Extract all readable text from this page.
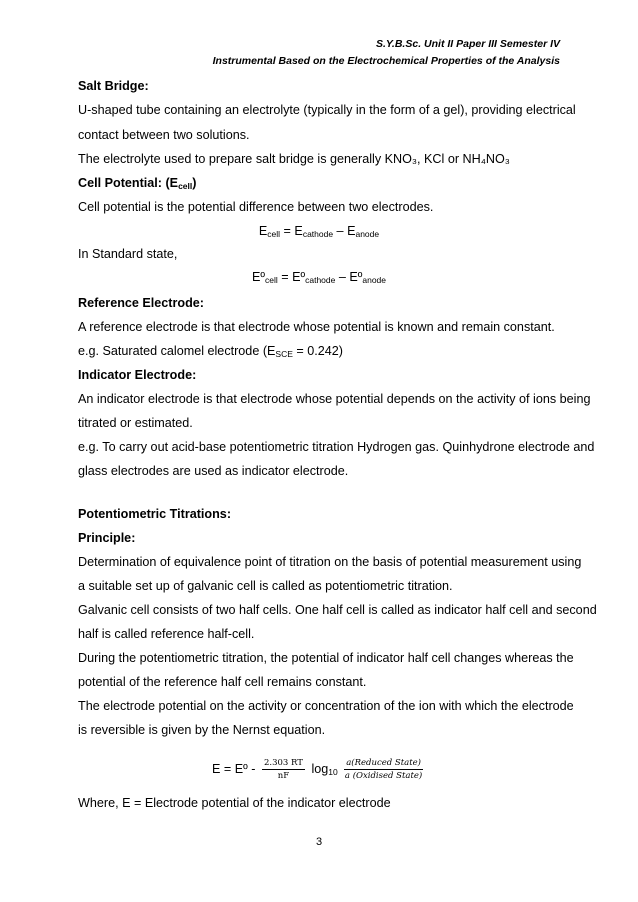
S.Y.B.Sc. Unit II Paper III Semester IV
Instrumental Based on the Electrochemical Properties of the Analysis
Salt Bridge:
U-shaped tube containing an electrolyte (typically in the form of a gel), providing electrical
contact between two solutions.
The electrolyte used to prepare salt bridge is generally KNO₃, KCl or NH₄NO₃
Cell Potential: $(E_{cell})$
Cell potential is the potential difference between two electrodes.
$E_{cell} = E_{cathode} - E_{anode}$
In Standard state,
Eº$_{cell}$ = Eº$_{cathode}$ – Eº$_{anode}$
Reference Electrode:
A reference electrode is that electrode whose potential is known and remain constant.
e.g. Saturated calomel electrode $(E_{SCE} = 0.242)$
Indicator Electrode:
An indicator electrode is that electrode whose potential depends on the activity of ions being
titrated or estimated.
e.g. To carry out acid-base potentiometric titration Hydrogen gas. Quinhydrone electrode and
glass electrodes are used as indicator electrode.
Potentiometric Titrations:
Principle:
Determination of equivalence point of titration on the basis of potential measurement using
a suitable set up of galvanic cell is called as potentiometric titration.
Galvanic cell consists of two half cells. One half cell is called as indicator half cell and second
half is called reference half-cell.
During the potentiometric titration, the potential of indicator half cell changes whereas the
potential of the reference half cell remains constant.
The electrode potential on the activity or concentration of the ion with which the electrode
is reversible is given by the Nernst equation.
E = Eº - $\frac{2.303 RT}{nF} \log_{10} \frac{\text{a(Reduced State)}}{\text{a (Oxidised State)}}$
Where, E = Electrode potential of the indicator electrode
3
